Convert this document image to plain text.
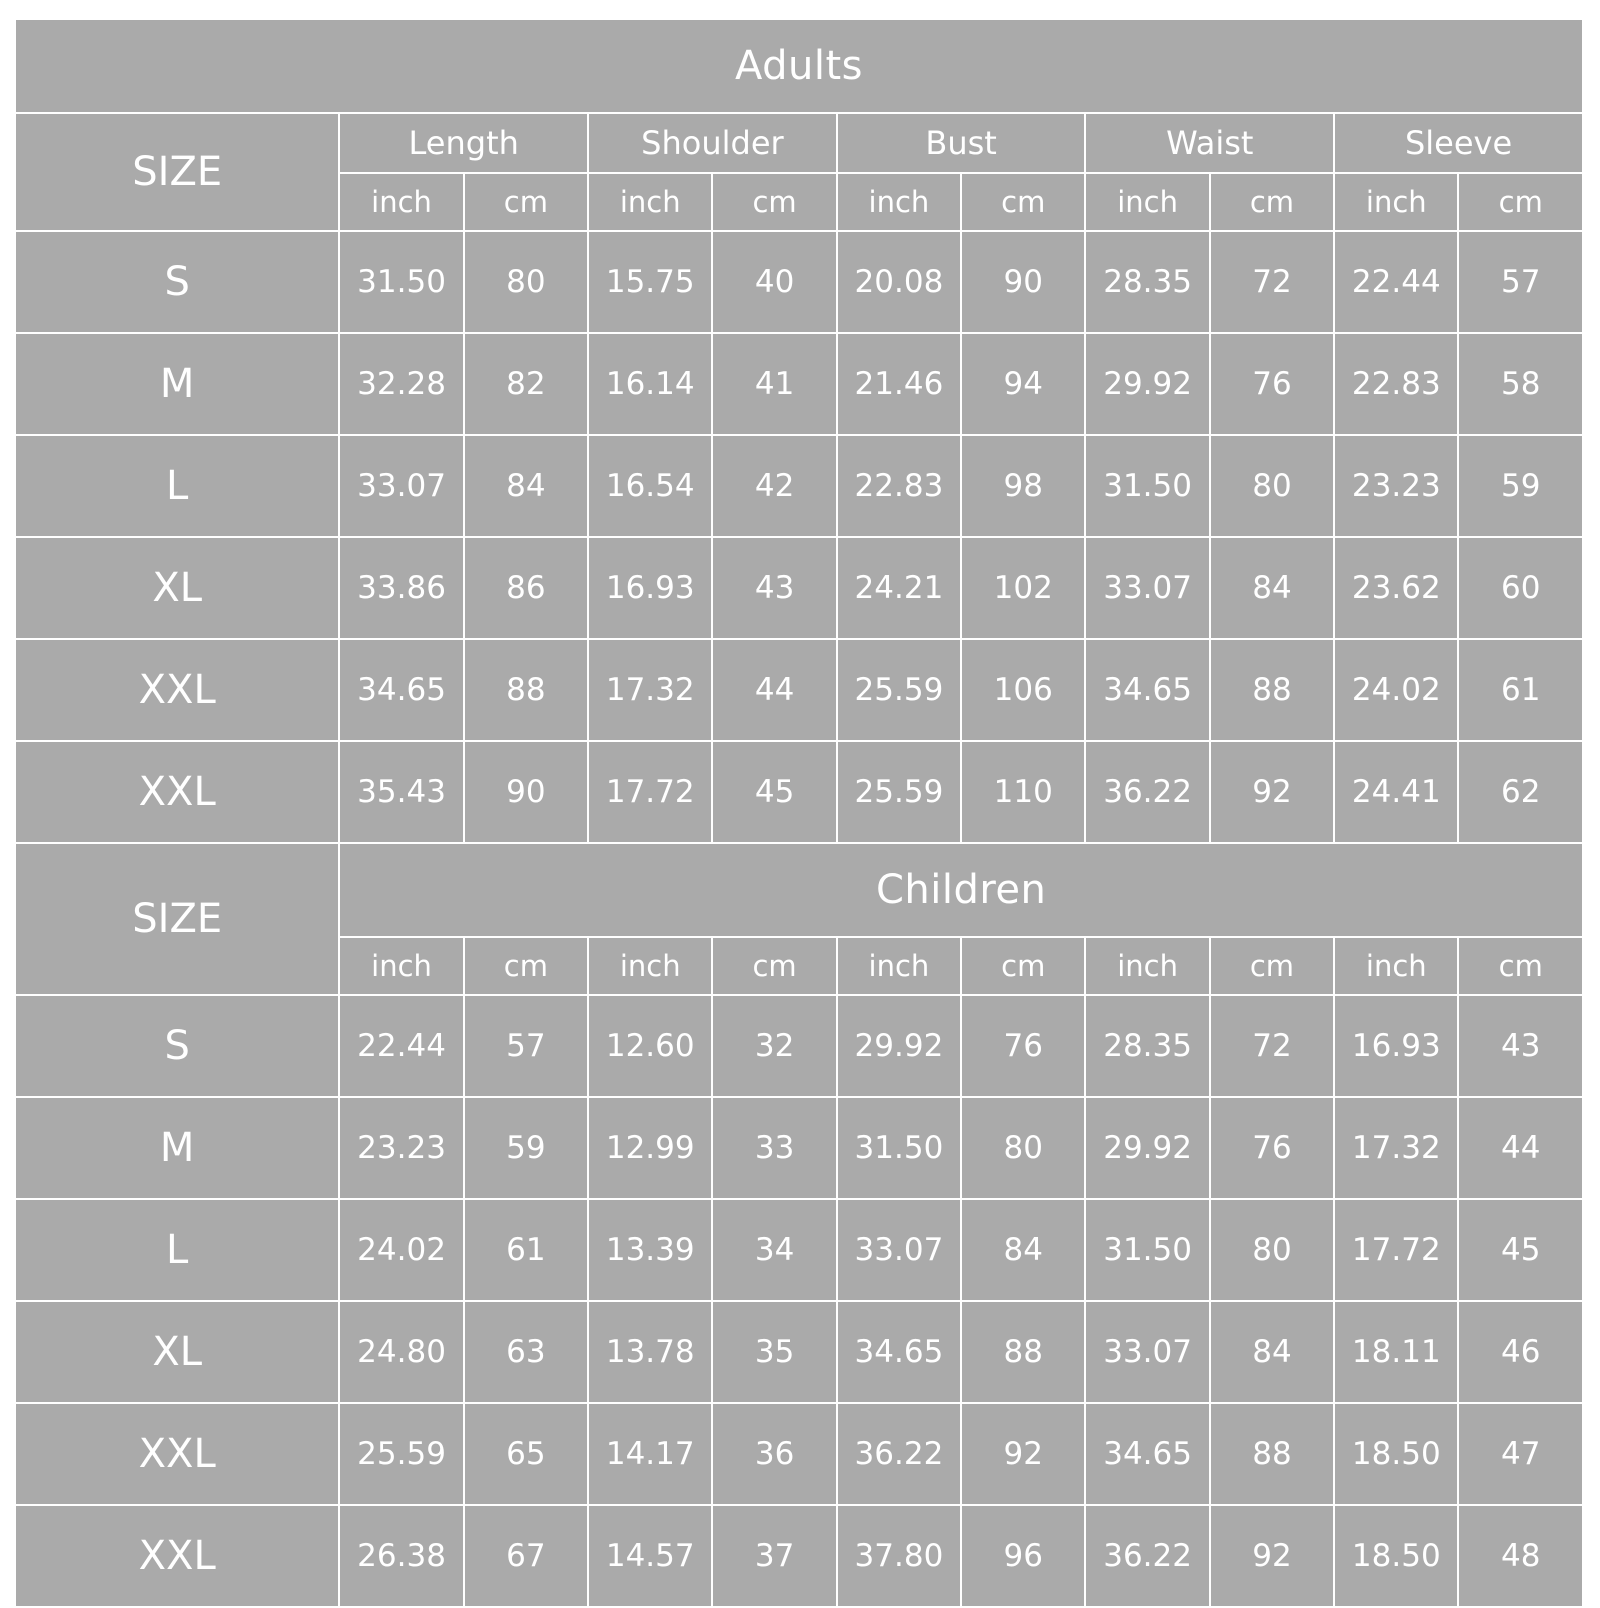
Adults										
SIZE	Length		Shoulder		Bust		Waist		Sleeve	
	inch	cm	inch	cm	inch	cm	inch	cm	inch	cm
S	31.50	80	15.75	40	20.08	90	28.35	72	22.44	57
M	32.28	82	16.14	41	21.46	94	29.92	76	22.83	58
L	33.07	84	16.54	42	22.83	98	31.50	80	23.23	59
XL	33.86	86	16.93	43	24.21	102	33.07	84	23.62	60
XXL	34.65	88	17.32	44	25.59	106	34.65	88	24.02	61
XXL	35.43	90	17.72	45	25.59	110	36.22	92	24.41	62
SIZE	Children									
	inch	cm	inch	cm	inch	cm	inch	cm	inch	cm
S	22.44	57	12.60	32	29.92	76	28.35	72	16.93	43
M	23.23	59	12.99	33	31.50	80	29.92	76	17.32	44
L	24.02	61	13.39	34	33.07	84	31.50	80	17.72	45
XL	24.80	63	13.78	35	34.65	88	33.07	84	18.11	46
XXL	25.59	65	14.17	36	36.22	92	34.65	88	18.50	47
XXL	26.38	67	14.57	37	37.80	96	36.22	92	18.50	48
